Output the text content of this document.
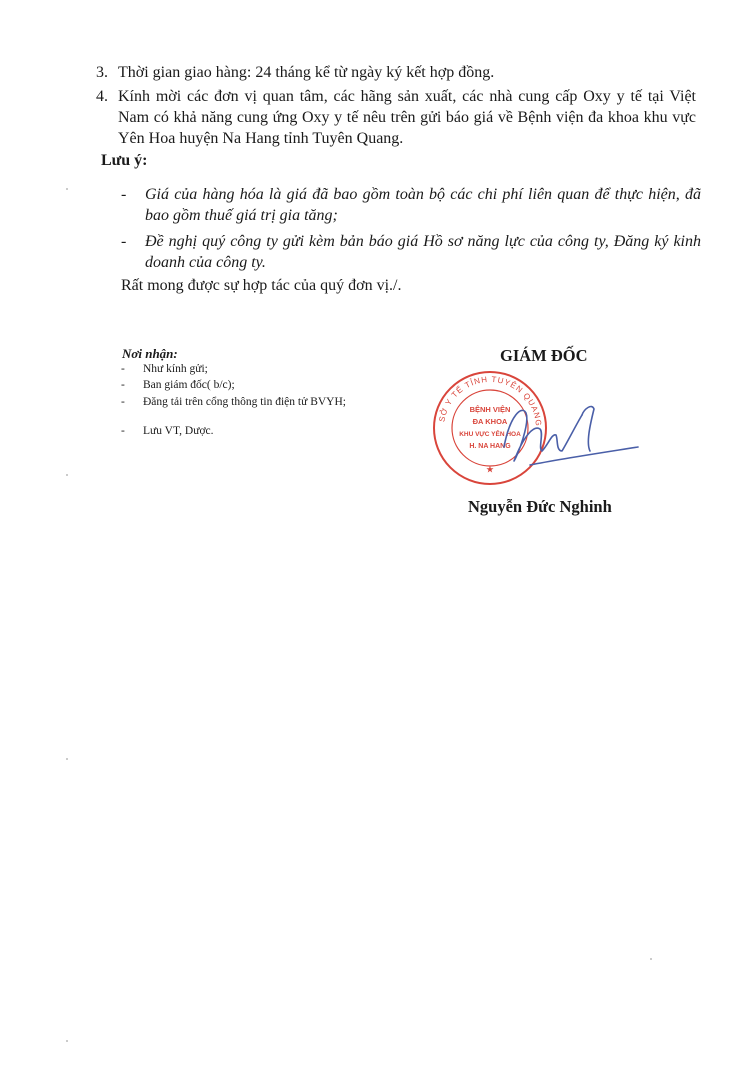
3. Thời gian giao hàng: 24 tháng kể từ ngày ký kết hợp đồng.
4. Kính mời các đơn vị quan tâm, các hãng sản xuất, các nhà cung cấp Oxy y tế tại Việt Nam có khả năng cung ứng Oxy y tế nêu trên gửi báo giá về Bệnh viện đa khoa khu vực Yên Hoa huyện Na Hang tỉnh Tuyên Quang.
Lưu ý:
- Giá của hàng hóa là giá đã bao gồm toàn bộ các chi phí liên quan để thực hiện, đã bao gồm thuế giá trị gia tăng;
- Đề nghị quý công ty gửi kèm bản báo giá Hồ sơ năng lực của công ty, Đăng ký kinh doanh của công ty.
Rất mong được sự hợp tác của quý đơn vị./.
Nơi nhận:
- Như kính gửi;
- Ban giám đốc( b/c);
- Đăng tải trên cổng thông tin điện tử BVYH;
- Lưu VT, Dược.
GIÁM ĐỐC
SỞ Y TẾ TỈNH TUYÊN QUANG
BỆNH VIỆN
ĐA KHOA
KHU VỰC YÊN HOA
H. NA HANG
★
Nguyễn Đức Nghinh
